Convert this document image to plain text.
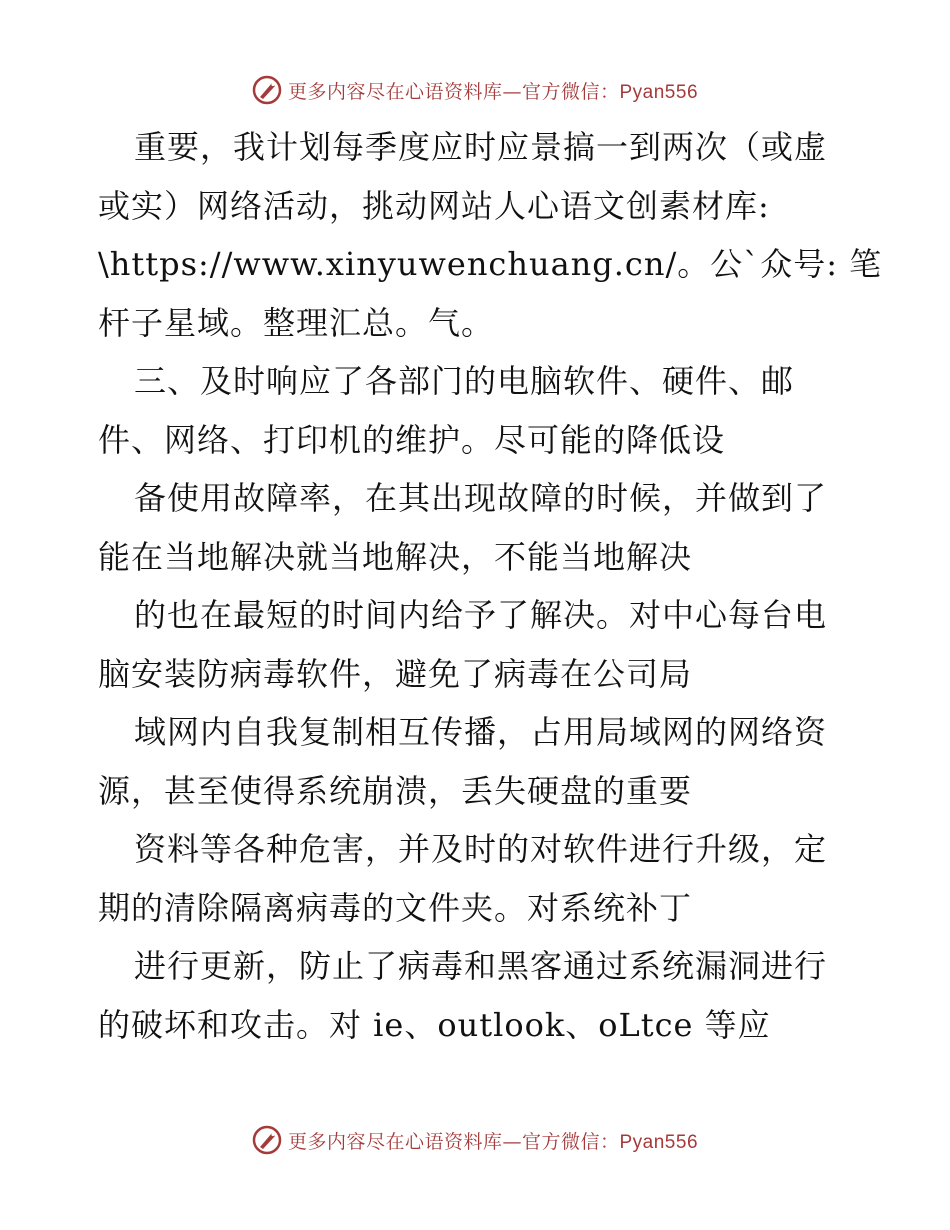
更多内容尽在心语资料库—官方微信：Pyan556
重要，我计划每季度应时应景搞一到两次（或虚
或实）网络活动，挑动网站人心语文创素材库:
\https://www.xinyuwenchuang.cn/。公`众号: 笔
杆子星域。整理汇总。气。
三、及时响应了各部门的电脑软件、硬件、邮
件、网络、打印机的维护。尽可能的降低设
备使用故障率，在其出现故障的时候，并做到了
能在当地解决就当地解决，不能当地解决
的也在最短的时间内给予了解决。对中心每台电
脑安装防病毒软件，避免了病毒在公司局
域网内自我复制相互传播，占用局域网的网络资
源，甚至使得系统崩溃，丢失硬盘的重要
资料等各种危害，并及时的对软件进行升级，定
期的清除隔离病毒的文件夹。对系统补丁
进行更新，防止了病毒和黑客通过系统漏洞进行
的破坏和攻击。对 ie、outlook、oLtce 等应
更多内容尽在心语资料库—官方微信：Pyan556
